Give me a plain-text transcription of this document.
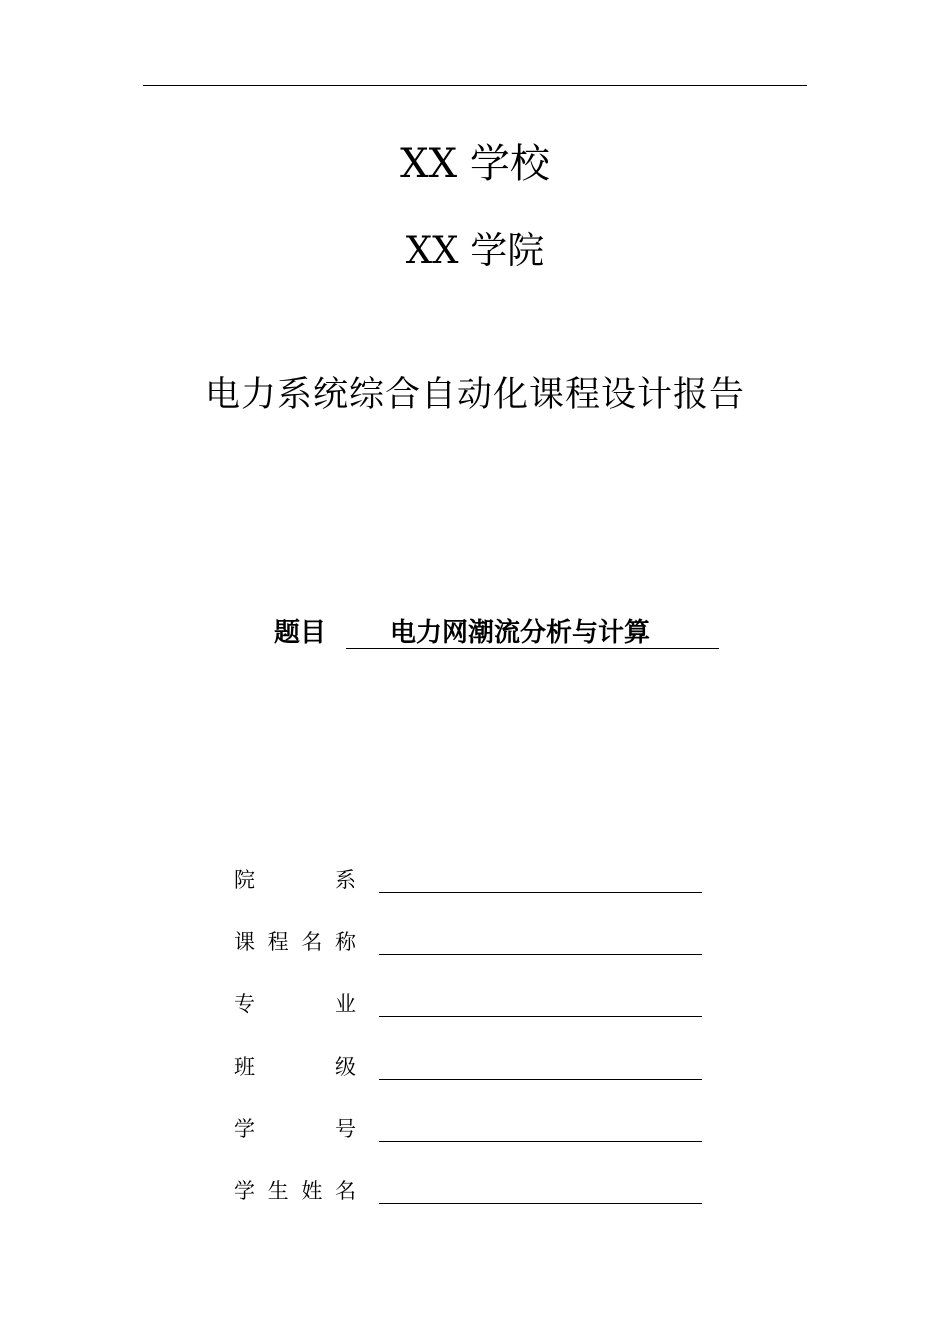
XX 学校
XX 学院
电力系统综合自动化课程设计报告
题目 电力网潮流分析与计算
院	系
课 程 名 称
专	业
班	级
学	号
学 生 姓 名
